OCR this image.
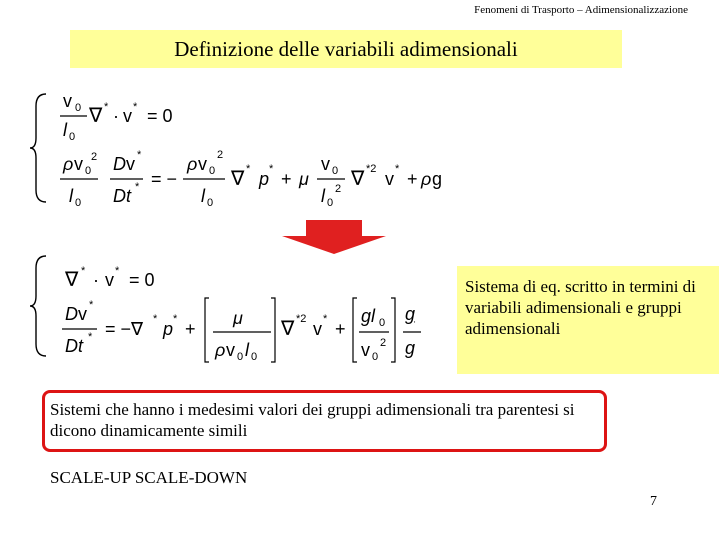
Fenomeni di Trasporto – Adimensionalizzazione
Definizione delle variabili adimensionali
v 0
l 0
∇ * · v * = 0
ρ v 0
2
l 0
D v *
Dt * = −
ρ v 0
2
l 0
∇ * p * + μ
v 0
l 0
2 ∇ *2 v * + ρ g
∇ * · v * = 0
D v *
Dt * = −∇ * p * +
μ
ρ v 0 l 0
∇ *2 v * +
gl 0
v 0
2
g
g
Sistema di eq. scritto in termini di variabili adimensionali e gruppi adimensionali
Sistemi che hanno i medesimi valori dei gruppi adimensionali tra parentesi si dicono dinamicamente simili
SCALE-UP SCALE-DOWN
7
